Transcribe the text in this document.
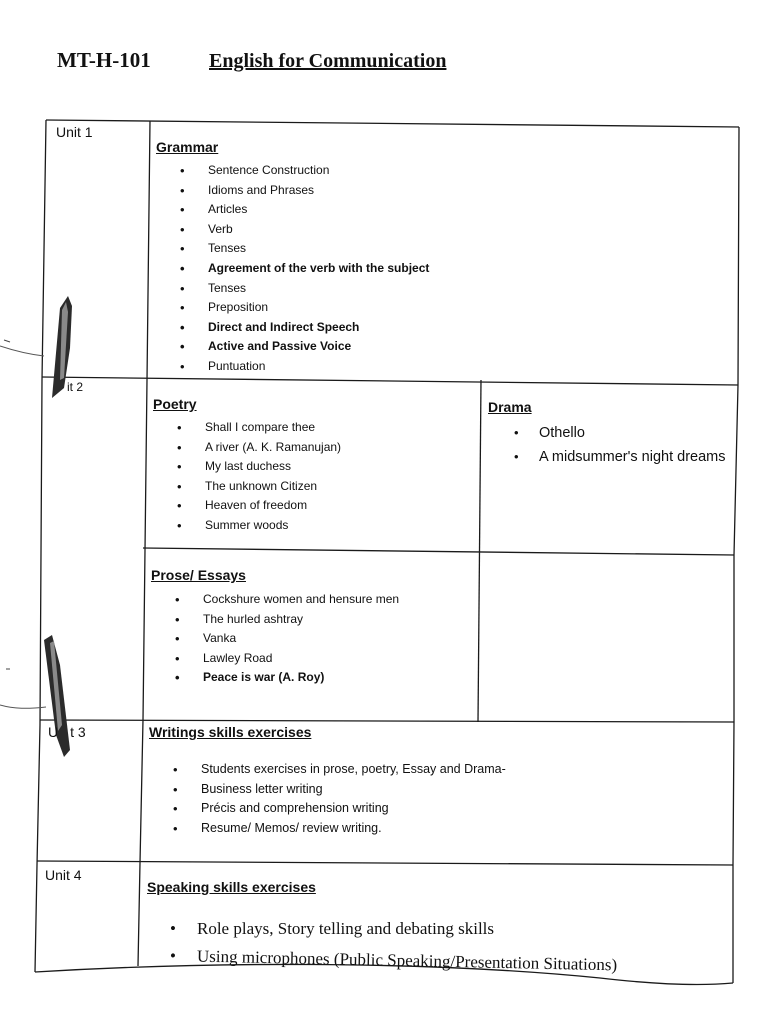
MT-H-101	English for Communication
Unit 1
it 2
U t 3
Unit 4
Grammar
• Sentence Construction
• Idioms and Phrases
• Articles
• Verb
• Tenses
• Agreement of the verb with the subject
• Tenses
• Preposition
• Direct and Indirect Speech
• Active and Passive Voice
• Puntuation
Poetry
• Shall I compare thee
• A river (A. K. Ramanujan)
• My last duchess
• The unknown Citizen
• Heaven of freedom
• Summer woods
Drama
• Othello
• A midsummer's night dreams
Prose/ Essays
• Cockshure women and hensure men
• The hurled ashtray
• Vanka
• Lawley Road
• Peace is war (A. Roy)
Writings skills exercises
• Students exercises in prose, poetry, Essay and Drama-
• Business letter writing
• Précis and comprehension writing
• Resume/ Memos/ review writing.
Speaking skills exercises
• Role plays, Story telling and debating skills
• Using microphones (Public Speaking/Presentation Situations)
